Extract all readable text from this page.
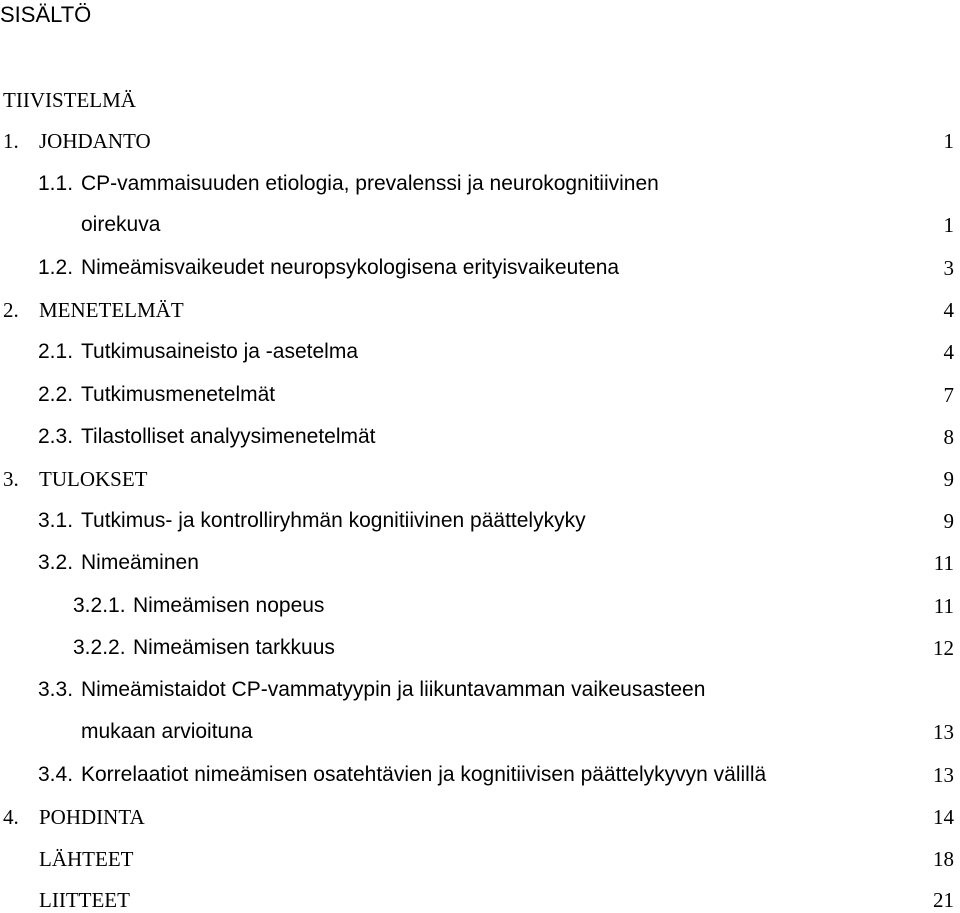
SISÄLTÖ
TIIVISTELMÄ
1. JOHDANTO	1
1.1. CP-vammaisuuden etiologia, prevalenssi ja neurokognitiivinen
oirekuva	1
1.2. Nimeämisvaikeudet neuropsykologisena erityisvaikeutena	3
2. MENETELMÄT	4
2.1. Tutkimusaineisto ja -asetelma	4
2.2. Tutkimusmenetelmät	7
2.3. Tilastolliset analyysimenetelmät	8
3. TULOKSET	9
3.1. Tutkimus- ja kontrolliryhmän kognitiivinen päättelykyky	9
3.2. Nimeäminen	11
3.2.1. Nimeämisen nopeus	11
3.2.2. Nimeämisen tarkkuus	12
3.3. Nimeämistaidot CP-vammatyypin ja liikuntavamman vaikeusasteen
mukaan arvioituna	13
3.4. Korrelaatiot nimeämisen osatehtävien ja kognitiivisen päättelykyvyn välillä	13
4. POHDINTA	14
LÄHTEET	18
LIITTEET	21
